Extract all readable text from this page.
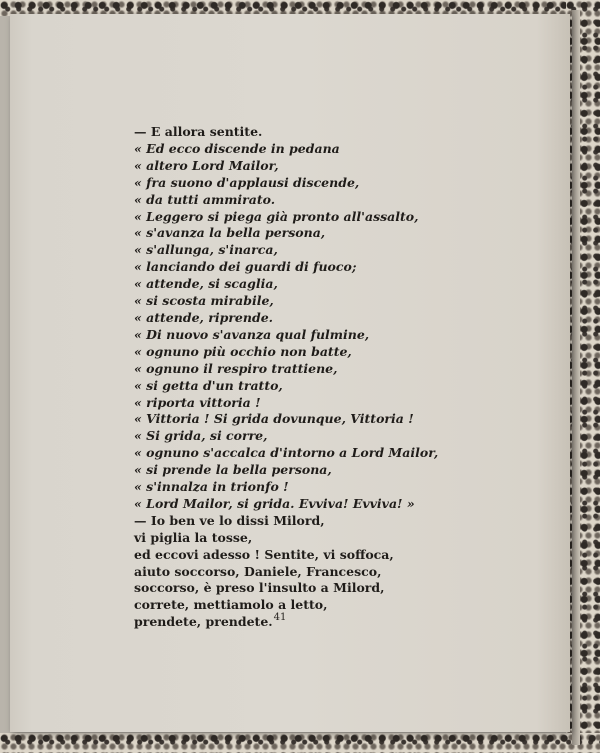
— E allora sentite.
« Ed ecco discende in pedana
« altero Lord Mailor,
« fra suono d'applausi discende,
« da tutti ammirato.
« Leggero si piega già pronto all'assalto,
« s'avanza la bella persona,
« s'allunga, s'inarca,
« lanciando dei guardi di fuoco;
« attende, si scaglia,
« si scosta mirabile,
« attende, riprende.
« Di nuovo s'avanza qual fulmine,
« ognuno più occhio non batte,
« ognuno il respiro trattiene,
« si getta d'un tratto,
« riporta vittoria !
« Vittoria ! Si grida dovunque, Vittoria !
« Si grida, si corre,
« ognuno s'accalca d'intorno a Lord Mailor,
« si prende la bella persona,
« s'innalza in trionfo !
« Lord Mailor, si grida. Evviva! Evviva! »
— Io ben ve lo dissi Milord,
vi piglia la tosse,
ed eccovi adesso ! Sentite, vi soffoca,
aiuto soccorso, Daniele, Francesco,
soccorso, è preso l'insulto a Milord,
correte, mettiamolo a letto,
prendete, prendete. 41
